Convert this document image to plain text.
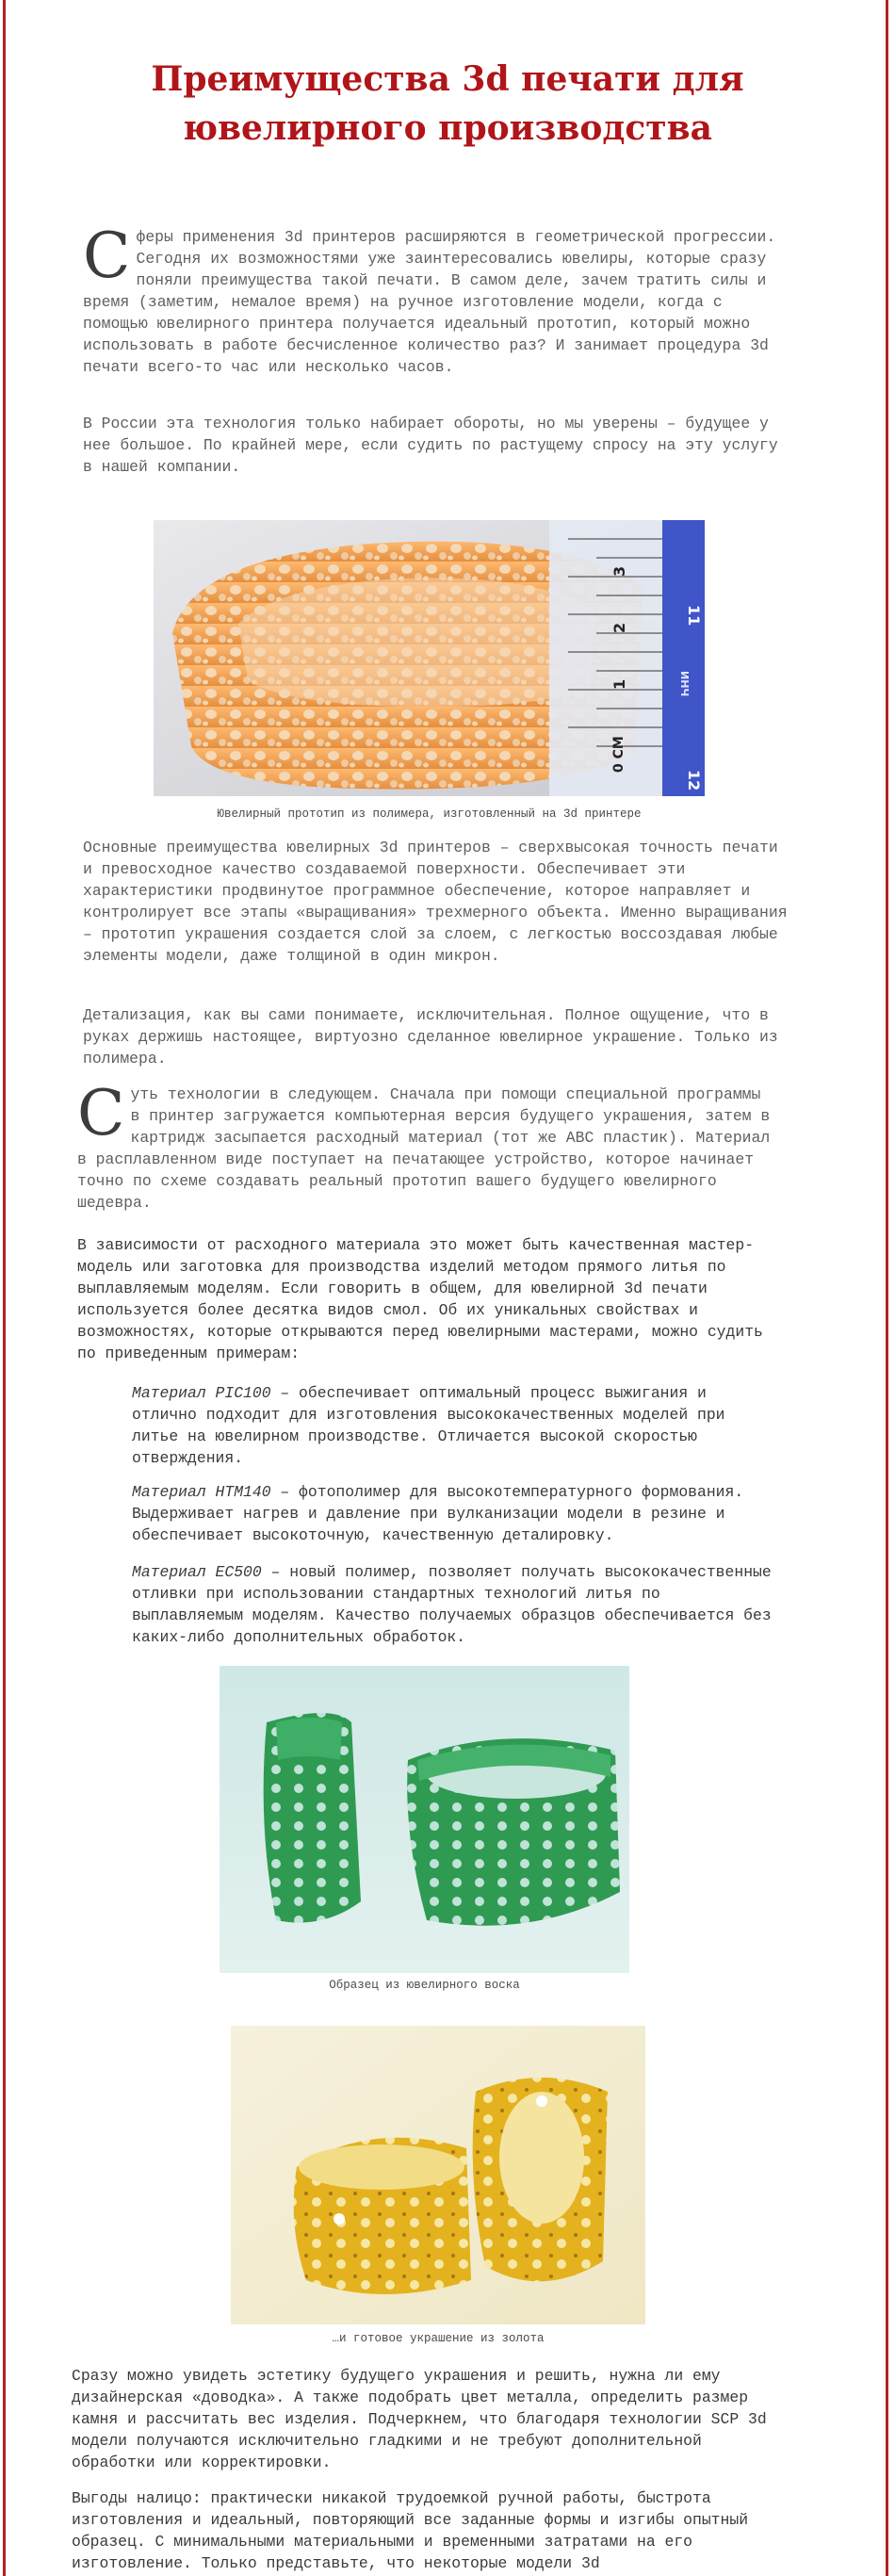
Преимущества 3d печати для ювелирного производства
Сферы применения 3d принтеров расширяются в геометрической прогрессии. Сегодня их возможностями уже заинтересовались ювелиры, которые сразу поняли преимущества такой печати. В самом деле, зачем тратить силы и время (заметим, немалое время) на ручное изготовление модели, когда с помощью ювелирного принтера получается идеальный прототип, который можно использовать в работе бесчисленное количество раз? И занимает процедура 3d печати всего-то час или несколько часов.

В России эта технология только набирает обороты, но мы уверены – будущее у нее большое. По крайней мере, если судить по растущему спросу на эту услугу в нашей компании.

3
2
1
0 СМ
11
12
ИНЧ

Ювелирный прототип из полимера, изготовленный на 3d принтере

Основные преимущества ювелирных 3d принтеров – сверхвысокая точность печати и превосходное качество создаваемой поверхности. Обеспечивает эти характеристики продвинутое программное обеспечение, которое направляет и контролирует все этапы «выращивания» трехмерного объекта. Именно выращивания – прототип украшения создается слой за слоем, с легкостью воссоздавая любые элементы модели, даже толщиной в один микрон.

Детализация, как вы сами понимаете, исключительная. Полное ощущение, что в руках держишь настоящее, виртуозно сделанное ювелирное украшение. Только из полимера.

Суть технологии в следующем. Сначала при помощи специальной программы в принтер загружается компьютерная версия будущего украшения, затем в картридж засыпается расходный материал (тот же АВС пластик). Материал в расплавленном виде поступает на печатающее устройство, которое начинает точно по схеме создавать реальный прототип вашего будущего ювелирного шедевра.

В зависимости от расходного материала это может быть качественная мастер-модель или заготовка для производства изделий методом прямого литья по выплавляемым моделям. Если говорить в общем, для ювелирной 3d печати используется более десятка видов смол. Об их уникальных свойствах и возможностях, которые открываются перед ювелирными мастерами, можно судить по приведенным примерам:

Материал PIC100 – обеспечивает оптимальный процесс выжигания и отлично подходит для изготовления высококачественных моделей при литье на ювелирном производстве. Отличается высокой скоростью отверждения.
Материал HTM140 – фотополимер для высокотемпературного формования. Выдерживает нагрев и давление при вулканизации модели в резине и обеспечивает высокоточную, качественную деталировку.
Материал EC500 – новый полимер, позволяет получать высококачественные отливки при использовании стандартных технологий литья по выплавляемым моделям. Качество получаемых образцов обеспечивается без каких-либо дополнительных обработок.

Образец из ювелирного воска

…и готовое украшение из золота

Сразу можно увидеть эстетику будущего украшения и решить, нужна ли ему дизайнерская «доводка». А также подобрать цвет металла, определить размер камня и рассчитать вес изделия. Подчеркнем, что благодаря технологии SCP 3d модели получаются исключительно гладкими и не требуют дополнительной обработки или корректировки.

Выгоды налицо: практически никакой трудоемкой ручной работы, быстрота изготовления и идеальный, повторяющий все заданные формы и изгибы опытный образец. С минимальными материальными и временными затратами на его изготовление. Только представьте, что некоторые модели 3d
